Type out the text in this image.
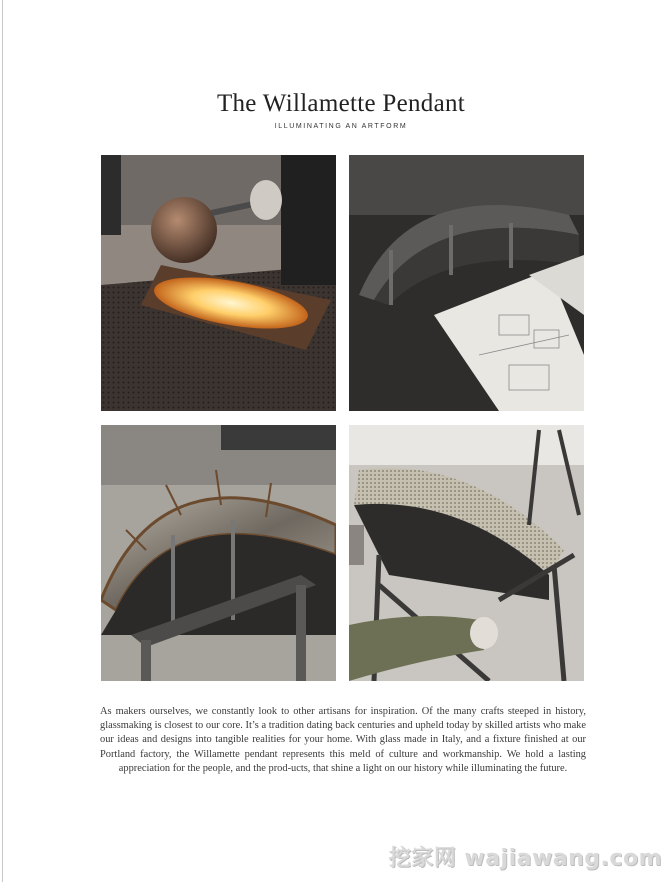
The Willamette Pendant
ILLUMINATING AN ARTFORM
As makers ourselves, we constantly look to other artisans for inspiration. Of the many crafts steeped in history, glassmaking is closest to our core. It’s a tradition dating back centuries and upheld today by skilled artists who make our ideas and designs into tangible realities for your home. With glass made in Italy, and a fixture finished at our Portland factory, the Willamette pendant represents this meld of culture and workmanship. We hold a lasting appreciation for the people, and the prod-ucts, that shine a light on our history while illuminating the future.
挖家网 wajiawang.com
